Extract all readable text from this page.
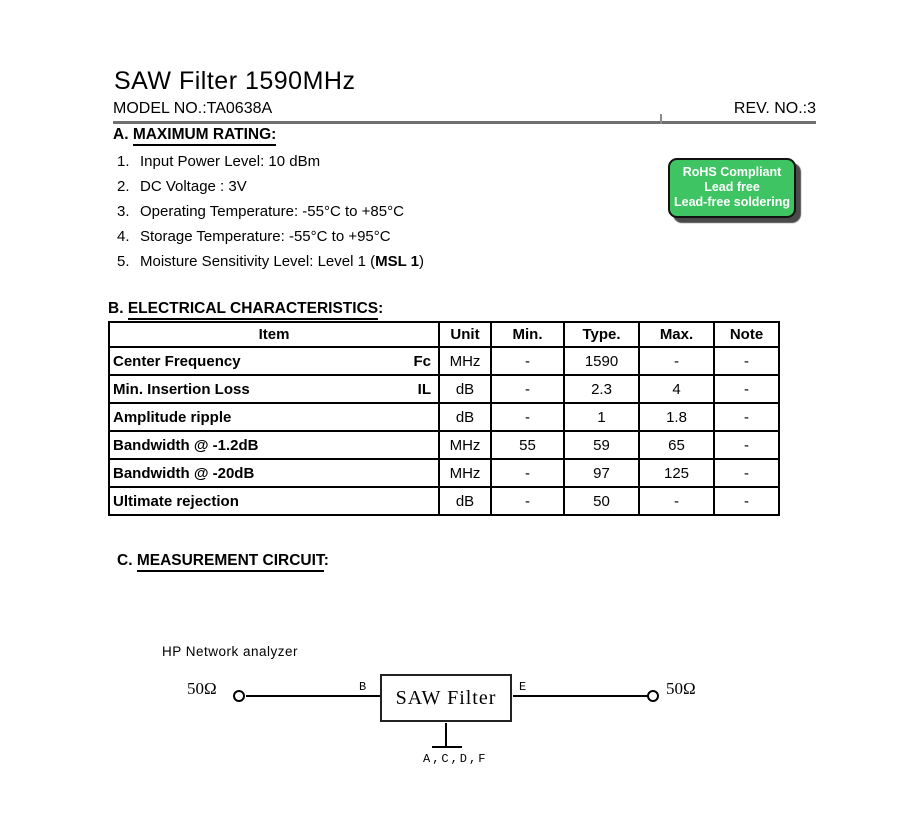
SAW Filter 1590MHz
MODEL NO.:TA0638A	REV. NO.:3
A. MAXIMUM RATING:
1. Input Power Level: 10 dBm
2. DC Voltage : 3V
3. Operating Temperature: -55°C to +85°C
4. Storage Temperature: -55°C to +95°C
5. Moisture Sensitivity Level: Level 1 (MSL 1)
RoHS Compliant
Lead free
Lead-free soldering
B. ELECTRICAL CHARACTERISTICS:
Item	Unit	Min.	Type.	Max.	Note

Center Frequency Fc	MHz	-	1590	-	-

Min. Insertion Loss IL	dB	-	2.3	4	-

Amplitude ripple	dB	-	1	1.8	-

Bandwidth @ -1.2dB	MHz	55	59	65	-

Bandwidth @ -20dB	MHz	-	97	125	-

Ultimate rejection	dB	-	50	-	-
C. MEASUREMENT CIRCUIT:
HP Network analyzer
50Ω	B SAW Filter E	50Ω
A,C,D,F
